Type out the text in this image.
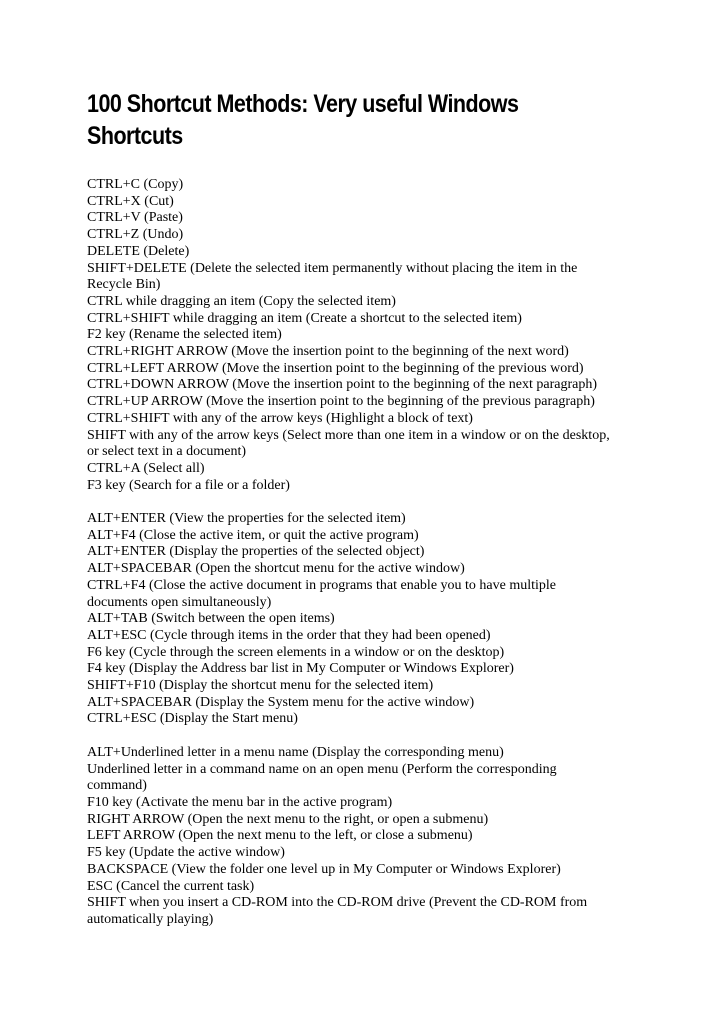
100 Shortcut Methods: Very useful Windows
Shortcuts
CTRL+C (Copy)
CTRL+X (Cut)
CTRL+V (Paste)
CTRL+Z (Undo)
DELETE (Delete)
SHIFT+DELETE (Delete the selected item permanently without placing the item in the
Recycle Bin)
CTRL while dragging an item (Copy the selected item)
CTRL+SHIFT while dragging an item (Create a shortcut to the selected item)
F2 key (Rename the selected item)
CTRL+RIGHT ARROW (Move the insertion point to the beginning of the next word)
CTRL+LEFT ARROW (Move the insertion point to the beginning of the previous word)
CTRL+DOWN ARROW (Move the insertion point to the beginning of the next paragraph)
CTRL+UP ARROW (Move the insertion point to the beginning of the previous paragraph)
CTRL+SHIFT with any of the arrow keys (Highlight a block of text)
SHIFT with any of the arrow keys (Select more than one item in a window or on the desktop,
or select text in a document)
CTRL+A (Select all)
F3 key (Search for a file or a folder)
ALT+ENTER (View the properties for the selected item)
ALT+F4 (Close the active item, or quit the active program)
ALT+ENTER (Display the properties of the selected object)
ALT+SPACEBAR (Open the shortcut menu for the active window)
CTRL+F4 (Close the active document in programs that enable you to have multiple
documents open simultaneously)
ALT+TAB (Switch between the open items)
ALT+ESC (Cycle through items in the order that they had been opened)
F6 key (Cycle through the screen elements in a window or on the desktop)
F4 key (Display the Address bar list in My Computer or Windows Explorer)
SHIFT+F10 (Display the shortcut menu for the selected item)
ALT+SPACEBAR (Display the System menu for the active window)
CTRL+ESC (Display the Start menu)
ALT+Underlined letter in a menu name (Display the corresponding menu)
Underlined letter in a command name on an open menu (Perform the corresponding
command)
F10 key (Activate the menu bar in the active program)
RIGHT ARROW (Open the next menu to the right, or open a submenu)
LEFT ARROW (Open the next menu to the left, or close a submenu)
F5 key (Update the active window)
BACKSPACE (View the folder one level up in My Computer or Windows Explorer)
ESC (Cancel the current task)
SHIFT when you insert a CD-ROM into the CD-ROM drive (Prevent the CD-ROM from
automatically playing)
